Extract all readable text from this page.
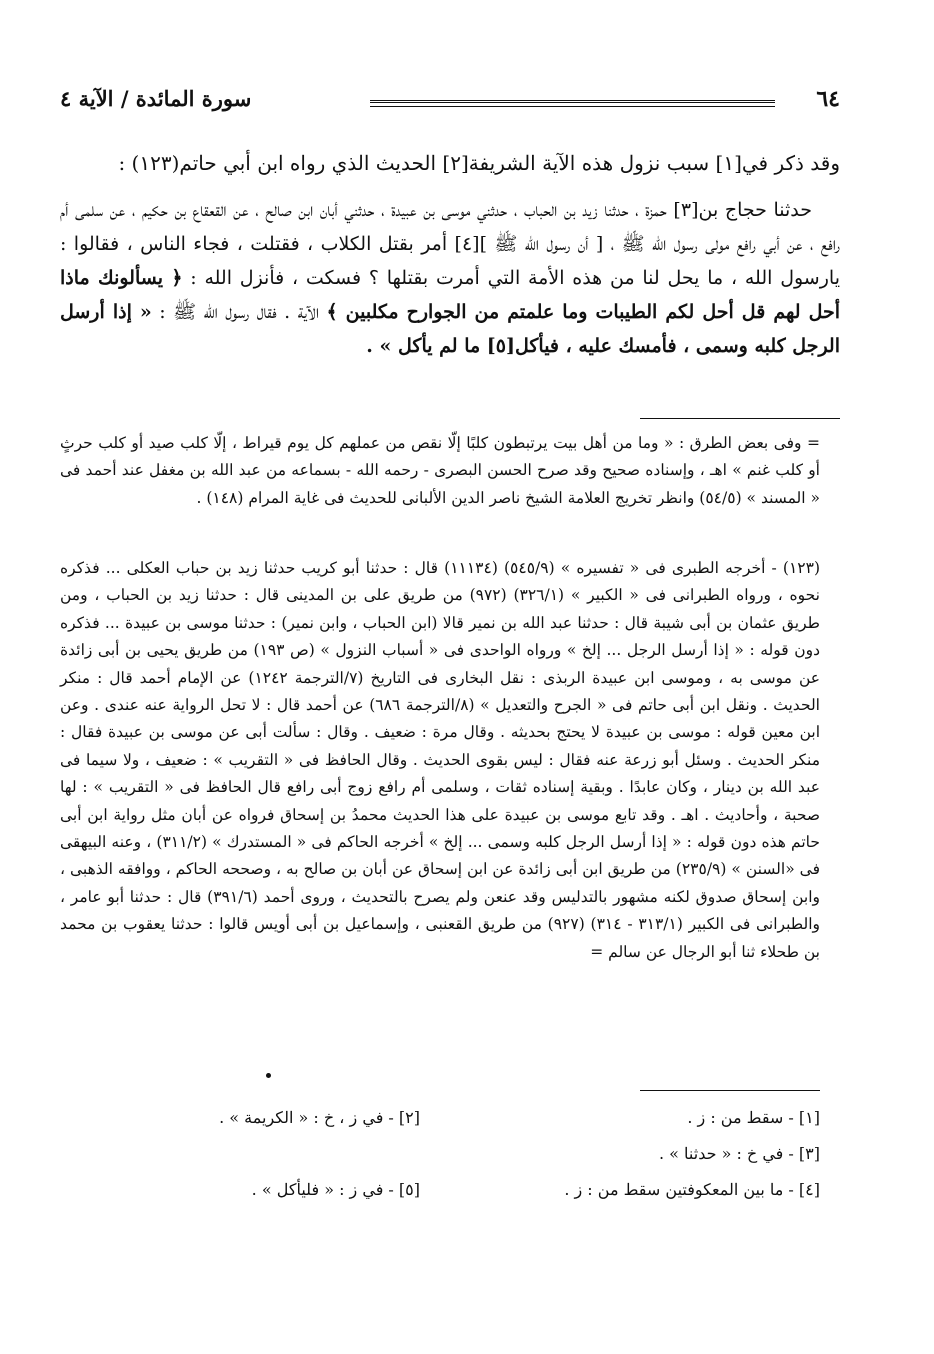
سورة المائدة / الآية ٤	٦٤

وقد ذكر في[١] سبب نزول هذه الآية الشريفة[٢] الحديث الذي رواه ابن أبي حاتم(١٢٣) :

حدثنا حجاج بن[٣] حمزة ، حدثنا زيد بن الحباب ، حدثني موسى بن عبيدة ، حدثني أبان ابن صالح ، عن القعقاع بن حكيم ، عن سلمى أم رافع ، عن أبي رافع مولى رسول الله ﷺ ، [ أن رسول الله ﷺ ][٤] أمر بقتل الكلاب ، فقتلت ، فجاء الناس ، فقالوا : يارسول الله ، ما يحل لنا من هذه الأمة التي أمرت بقتلها ؟ فسكت ، فأنزل الله : ﴿ يسألونك ماذا أحل لهم قل أحل لكم الطيبات وما علمتم من الجوارح مكلبين ﴾ الآية . فقال رسول الله ﷺ : « إذا أرسل الرجل كلبه وسمى ، فأمسك عليه ، فيأكل[٥] ما لم يأكل » .

= وفى بعض الطرق : « وما من أهل بيت يرتبطون كلبًا إلّا نقص من عملهم كل يوم قيراط ، إلّا كلب صيد أو كلب حرثٍ أو كلب غنم » اهـ ، وإسناده صحيح وقد صرح الحسن البصرى - رحمه الله - بسماعه من عبد الله بن مغفل عند أحمد فى « المسند » (٥٤/٥) وانظر تخريج العلامة الشيخ ناصر الدين الألبانى للحديث فى غاية المرام (١٤٨) .

(١٢٣) - أخرجه الطبرى فى « تفسيره » (٥٤٥/٩) (١١١٣٤) قال : حدثنا أبو كريب حدثنا زيد بن حباب العكلى ... فذكره نحوه ، ورواه الطبرانى فى « الكبير » (٣٢٦/١) (٩٧٢) من طريق على بن المدينى قال : حدثنا زيد بن الحباب ، ومن طريق عثمان بن أبى شيبة قال : حدثنا عبد الله بن نمير قالا (ابن الحباب ، وابن نمير) : حدثنا موسى بن عبيدة ... فذكره دون قوله : « إذا أرسل الرجل ... إلخ » ورواه الواحدى فى « أسباب النزول » (ص ١٩٣) من طريق يحيى بن أبى زائدة عن موسى به ، وموسى ابن عبيدة الربذى : نقل البخارى فى التاريخ (٧/الترجمة ١٢٤٢) عن الإمام أحمد قال : منكر الحديث . ونقل ابن أبى حاتم فى « الجرح والتعديل » (٨/الترجمة ٦٨٦) عن أحمد قال : لا تحل الرواية عنه عندى . وعن ابن معين قوله : موسى بن عبيدة لا يحتج بحديثه . وقال مرة : ضعيف . وقال : سألت أبى عن موسى بن عبيدة فقال : منكر الحديث . وسئل أبو زرعة عنه فقال : ليس بقوى الحديث . وقال الحافظ فى « التقريب » : ضعيف ، ولا سيما فى عبد الله بن دينار ، وكان عابدًا . وبقية إسناده ثقات ، وسلمى أم رافع زوج أبى رافع قال الحافظ فى « التقريب » : لها صحبة ، وأحاديث . اهـ . وقد تابع موسى بن عبيدة على هذا الحديث محمدُ بن إسحاق فرواه عن أبان مثل رواية ابن أبى حاتم هذه دون قوله : « إذا أرسل الرجل كلبه وسمى ... إلخ » أخرجه الحاكم فى « المستدرك » (٣١١/٢) ، وعنه البيهقى فى «السنن » (٢٣٥/٩) من طريق ابن أبى زائدة عن ابن إسحاق عن أبان بن صالح به ، وصححه الحاكم ، ووافقه الذهبى ، وابن إسحاق صدوق لكنه مشهور بالتدليس وقد عنعن ولم يصرح بالتحديث ، وروى أحمد (٣٩١/٦) قال : حدثنا أبو عامر ، والطبرانى فى الكبير (٣١٣/١ - ٣١٤) (٩٢٧) من طريق القعنبى ، وإسماعيل بن أبى أويس قالوا : حدثنا يعقوب بن محمد بن طحلاء ثنا أبو الرجال عن سالم =

[١] - سقط من : ز .
[٢] - في ز ، خ : « الكريمة » .
[٣] - في خ : « حدثنا » .
[٤] - ما بين المعكوفتين سقط من : ز .
[٥] - في ز : « فليأكل » .
